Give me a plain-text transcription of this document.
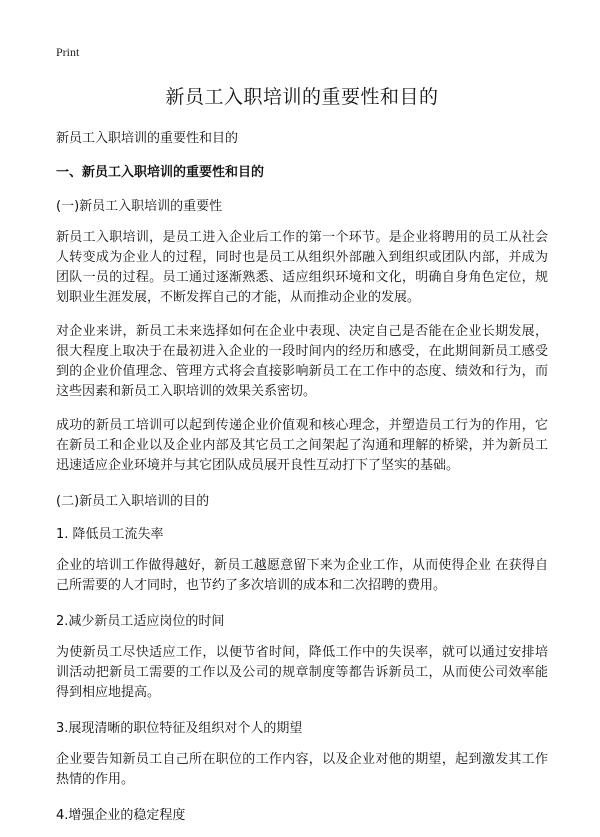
Print
新员工入职培训的重要性和目的

新员工入职培训的重要性和目的

一、新员工入职培训的重要性和目的

(一)新员工入职培训的重要性

新员工入职培训，是员工进入企业后工作的第一个环节。是企业将聘用的员工从社会人转变成为企业人的过程，同时也是员工从组织外部融入到组织或团队内部，并成为团队一员的过程。员工通过逐渐熟悉、适应组织环境和文化，明确自身角色定位，规划职业生涯发展，不断发挥自己的才能，从而推动企业的发展。

对企业来讲，新员工未来选择如何在企业中表现、决定自己是否能在企业长期发展，很大程度上取决于在最初进入企业的一段时间内的经历和感受，在此期间新员工感受到的企业价值理念、管理方式将会直接影响新员工在工作中的态度、绩效和行为，而这些因素和新员工入职培训的效果关系密切。

成功的新员工培训可以起到传递企业价值观和核心理念，并塑造员工行为的作用，它在新员工和企业以及企业内部及其它员工之间架起了沟通和理解的桥梁，并为新员工迅速适应企业环境并与其它团队成员展开良性互动打下了坚实的基础。

(二)新员工入职培训的目的

1. 降低员工流失率

企业的培训工作做得越好，新员工越愿意留下来为企业工作，从而使得企业 在获得自己所需要的人才同时，也节约了多次培训的成本和二次招聘的费用。

2.减少新员工适应岗位的时间

为使新员工尽快适应工作，以便节省时间，降低工作中的失误率，就可以通过安排培训活动把新员工需要的工作以及公司的规章制度等都告诉新员工，从而使公司效率能得到相应地提高。

3.展现清晰的职位特征及组织对个人的期望

企业要告知新员工自己所在职位的工作内容，以及企业对他的期望，起到激发其工作热情的作用。

4.增强企业的稳定程度
